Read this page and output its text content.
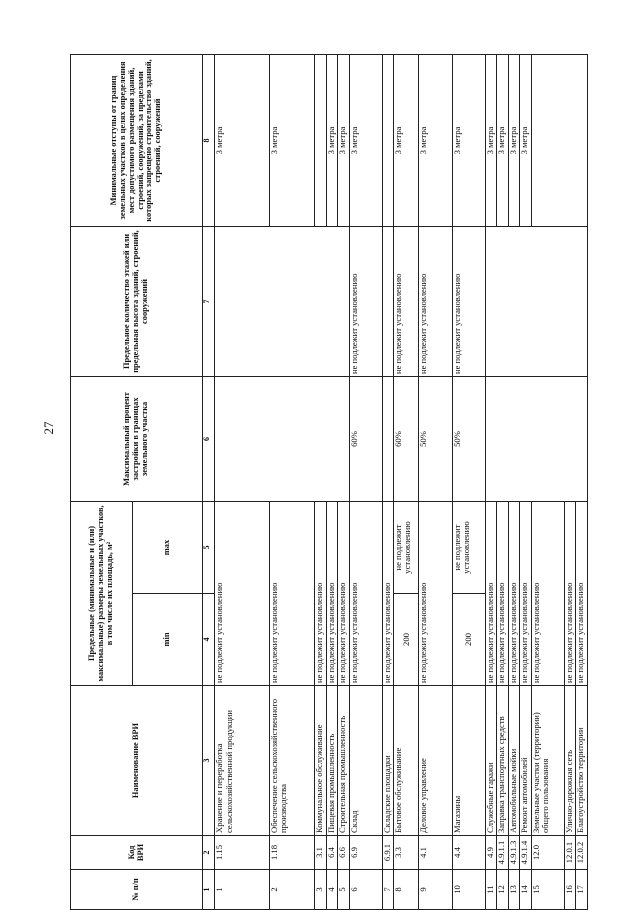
27
№ п/п	Код ВРИ	Наименование ВРИ	Предельные (минимальные и (или) максимальные) размеры земельных участков, в том числе их площадь, м²		Максимальный процент застройки в границах земельного участка	Предельное количество этажей или предельная высота зданий, строений, сооружений	Минимальные отступы от границ земельных участков в целях определения мест допустимого размещения зданий, строений, сооружений, за пределами которых запрещено строительство зданий, строений, сооружений
			min	max			
1	2	3	4	5	6	7	8
1	1.15	Хранение и переработка сельскохозяйственной продукции	не подлежит установлению				3 метра
2	1.18	Обеспечение сельскохозяйственного производства	не подлежит установлению				3 метра
3	3.1	Коммунальное обслуживание	не подлежит установлению				
4	6.4	Пищевая промышленность	не подлежит установлению				3 метра
5	6.6	Строительная промышленность	не подлежит установлению				3 метра
6	6.9	Склад	не подлежит установлению		60%	не подлежит установлению	3 метра
7	6.9.1	Складские площадки	не подлежит установлению				
8	3.3	Бытовое обслуживание	200	не подлежит установлению	60%	не подлежит установлению	3 метра
9	4.1	Деловое управление	не подлежит установлению		50%	не подлежит установлению	3 метра
10	4.4	Магазины	200	не подлежит установлению	50%	не подлежит установлению	3 метра
11	4.9	Служебные гаражи	не подлежит установлению				3 метра
12	4.9.1.1	Заправка транспортных средств	не подлежит установлению				3 метра
13	4.9.1.3	Автомобильные мойки	не подлежит установлению				3 метра
14	4.9.1.4	Ремонт автомобилей	не подлежит установлению				3 метра
15	12.0	Земельные участки (территории) общего пользования	не подлежит установлению				
16	12.0.1	Улично-дорожная сеть	не подлежит установлению				
17	12.0.2	Благоустройство территории	не подлежит установлению				
